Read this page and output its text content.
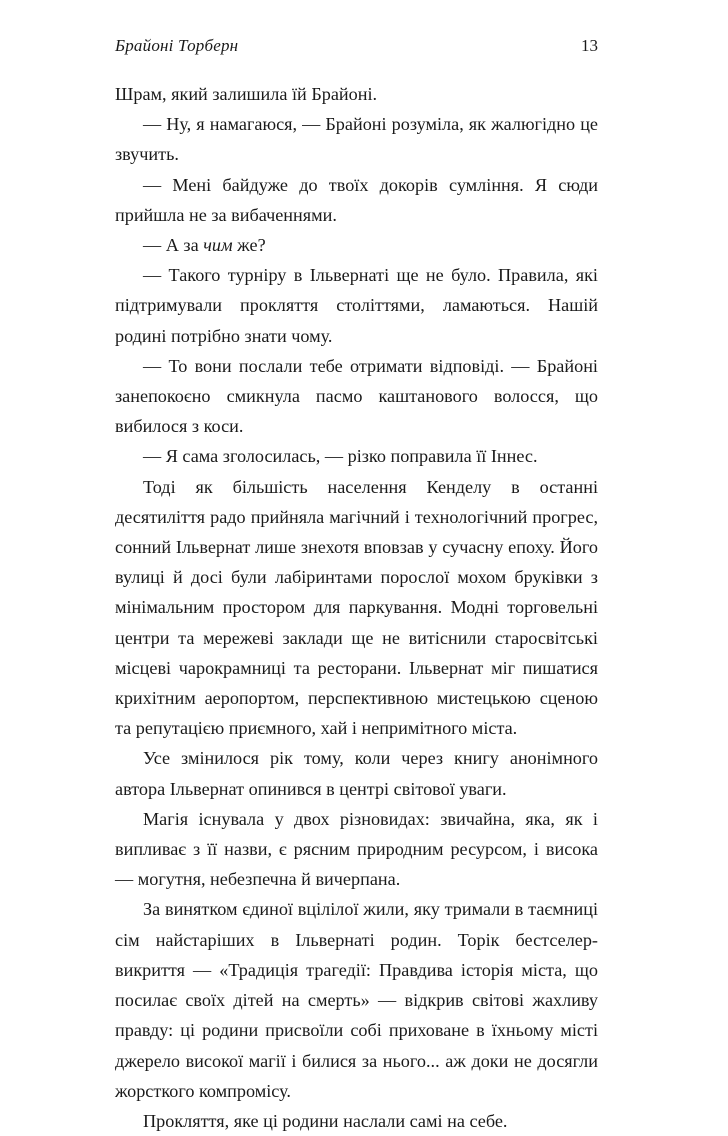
Брайоні Торберн	13

Шрам, який залишила їй Брайоні.

— Ну, я намагаюся, — Брайоні розуміла, як жалюгідно це звучить.

— Мені байдуже до твоїх докорів сумління. Я сюди прийшла не за вибаченнями.

— А за чим же?

— Такого турніру в Ільвернаті ще не було. Правила, які підтримували прокляття століттями, ламаються. Нашій родині потрібно знати чому.

— То вони послали тебе отримати відповіді. — Брайоні занепокоєно смикнула пасмо каштанового волосся, що вибилося з коси.

— Я сама зголосилась, — різко поправила її Іннес.

Тоді як більшість населення Кенделу в останні десятиліття радо прийняла магічний і технологічний прогрес, сонний Ільвернат лише знехотя вповзав у сучасну епоху. Його вулиці й досі були лабіринтами порослої мохом бруківки з мінімальним простором для паркування. Модні торговельні центри та мережеві заклади ще не витіснили старосвітські місцеві чарокрамниці та ресторани. Ільвернат міг пишатися крихітним аеропортом, перспективною мистецькою сценою та репутацією приємного, хай і непримітного міста.

Усе змінилося рік тому, коли через книгу анонімного автора Ільвернат опинився в центрі світової уваги.

Магія існувала у двох різновидах: звичайна, яка, як і випливає з її назви, є рясним природним ресурсом, і висока — могутня, небезпечна й вичерпана.

За винятком єдиної вцілілої жили, яку тримали в таємниці сім найстаріших в Ільвернаті родин. Торік бестселер-викриття — «Традиція трагедії: Правдива історія міста, що посилає своїх дітей на смерть» — відкрив світові жахливу правду: ці родини присвоїли собі приховане в їхньому місті джерело високої магії і билися за нього... аж доки не досягли жорсткого компромісу.

Прокляття, яке ці родини наслали самі на себе.
